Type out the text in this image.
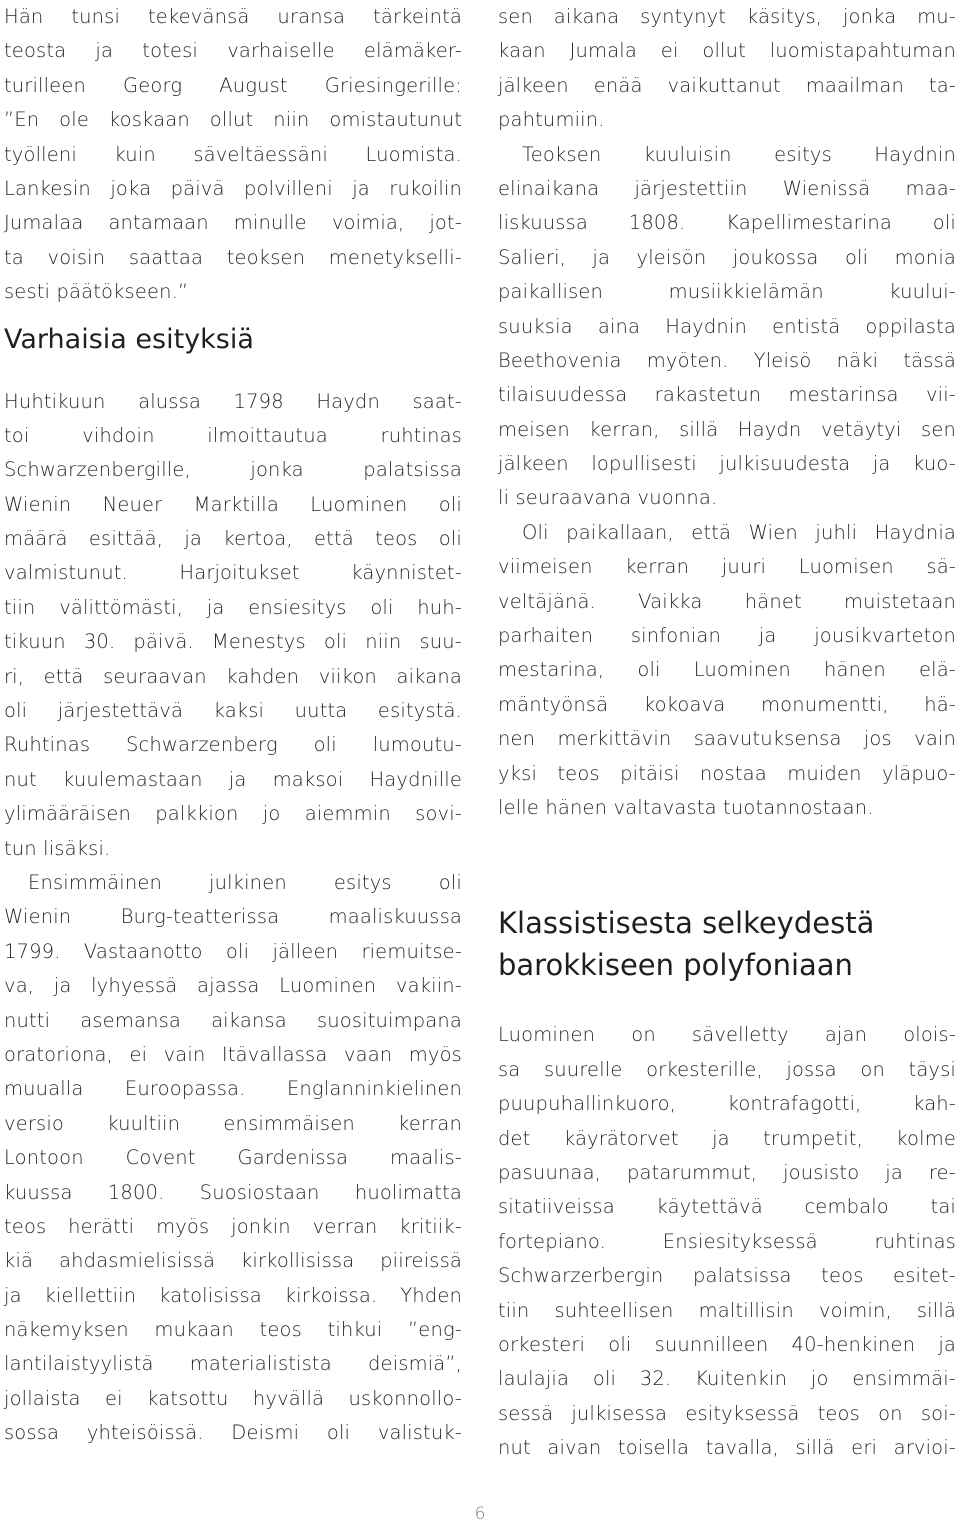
Hän tunsi tekevänsä uransa tärkeintä
teosta ja totesi varhaiselle elämäker-
turilleen Georg August Griesingerille:
”En ole koskaan ollut niin omistautunut
työlleni kuin säveltäessäni Luomista.
Lankesin joka päivä polvilleni ja rukoilin
Jumalaa antamaan minulle voimia, jot-
ta voisin saattaa teoksen menetykselli-
sesti päätökseen.”
Varhaisia esityksiä
Huhtikuun alussa 1798 Haydn saat-
toi vihdoin ilmoittautua ruhtinas
Schwarzenbergille, jonka palatsissa
Wienin Neuer Marktilla Luominen oli
määrä esittää, ja kertoa, että teos oli
valmistunut. Harjoitukset käynnistet-
tiin välittömästi, ja ensiesitys oli huh-
tikuun 30. päivä. Menestys oli niin suu-
ri, että seuraavan kahden viikon aikana
oli järjestettävä kaksi uutta esitystä.
Ruhtinas Schwarzenberg oli lumoutu-
nut kuulemastaan ja maksoi Haydnille
ylimääräisen palkkion jo aiemmin sovi-
tun lisäksi.
Ensimmäinen julkinen esitys oli
Wienin Burg-teatterissa maaliskuussa
1799. Vastaanotto oli jälleen riemuitse-
va, ja lyhyessä ajassa Luominen vakiin-
nutti asemansa aikansa suosituimpana
oratoriona, ei vain Itävallassa vaan myös
muualla Euroopassa. Englanninkielinen
versio kuultiin ensimmäisen kerran
Lontoon Covent Gardenissa maalis-
kuussa 1800. Suosiostaan huolimatta
teos herätti myös jonkin verran kritiik-
kiä ahdasmielisissä kirkollisissa piireissä
ja kiellettiin katolisissa kirkoissa. Yhden
näkemyksen mukaan teos tihkui ”eng-
lantilaistyylistä materialistista deismiä”,
jollaista ei katsottu hyvällä uskonnollo-
sossa yhteisöissä. Deismi oli valistuk-
sen aikana syntynyt käsitys, jonka mu-
kaan Jumala ei ollut luomistapahtuman
jälkeen enää vaikuttanut maailman ta-
pahtumiin.
Teoksen kuuluisin esitys Haydnin
elinaikana järjestettiin Wienissä maa-
liskuussa 1808. Kapellimestarina oli
Salieri, ja yleisön joukossa oli monia
paikallisen musiikkielämän kuului-
suuksia aina Haydnin entistä oppilasta
Beethovenia myöten. Yleisö näki tässä
tilaisuudessa rakastetun mestarinsa vii-
meisen kerran, sillä Haydn vetäytyi sen
jälkeen lopullisesti julkisuudesta ja kuo-
li seuraavana vuonna.
Oli paikallaan, että Wien juhli Haydnia
viimeisen kerran juuri Luomisen sä-
veltäjänä. Vaikka hänet muistetaan
parhaiten sinfonian ja jousikvarteton
mestarina, oli Luominen hänen elä-
mäntyönsä kokoava monumentti, hä-
nen merkittävin saavutuksensa jos vain
yksi teos pitäisi nostaa muiden yläpuo-
lelle hänen valtavasta tuotannostaan.
Klassistisesta selkeydestä
barokkiseen polyfoniaan
Luominen on sävelletty ajan olois-
sa suurelle orkesterille, jossa on täysi
puupuhallinkuoro, kontrafagotti, kah-
det käyrätorvet ja trumpetit, kolme
pasuunaa, patarummut, jousisto ja re-
sitatiiveissa käytettävä cembalo tai
fortepiano. Ensiesityksessä ruhtinas
Schwarzerbergin palatsissa teos esitet-
tiin suhteellisen maltillisin voimin, sillä
orkesteri oli suunnilleen 40-henkinen ja
laulajia oli 32. Kuitenkin jo ensimmäi-
sessä julkisessa esityksessä teos on soi-
nut aivan toisella tavalla, sillä eri arvioi-
6
